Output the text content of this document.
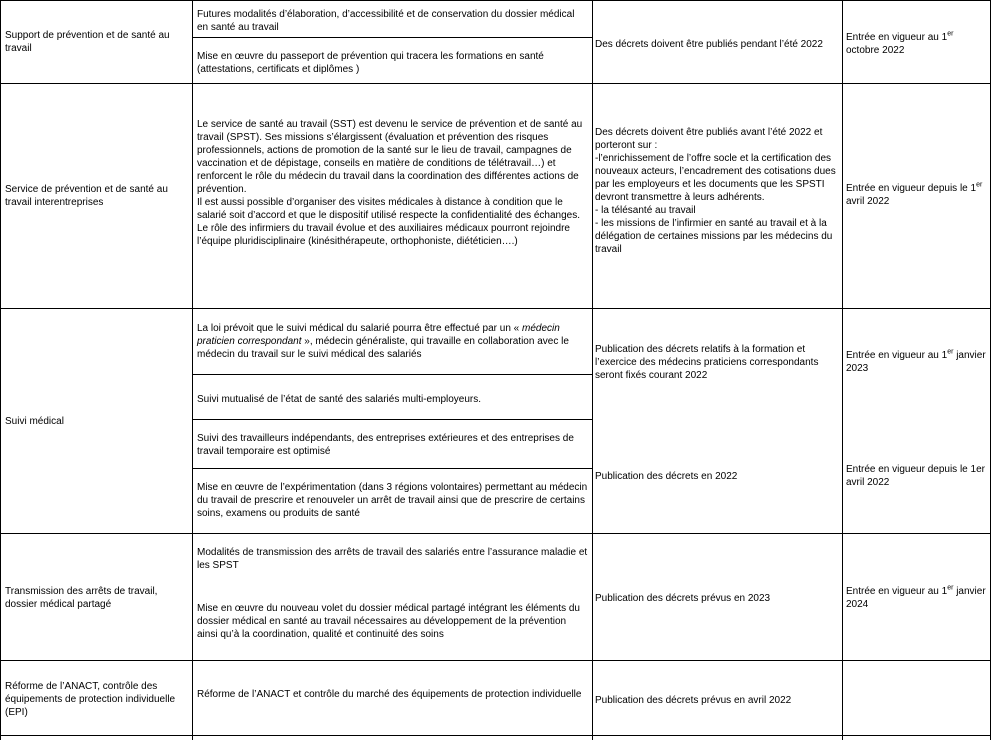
Support de prévention et de santé au travail
Futures modalités d’élaboration, d’accessibilité et de conservation du dossier médical en santé au travail
Mise en œuvre du passeport de prévention qui tracera les formations en santé (attestations, certificats et diplômes )
Des décrets doivent être publiés pendant l’été 2022
Entrée en vigueur au 1er octobre 2022
Service de prévention et de santé au travail interentreprises
Le service de santé au travail (SST) est devenu le service de prévention et de santé au travail (SPST). Ses missions s’élargissent (évaluation et prévention des risques professionnels, actions de promotion de la santé sur le lieu de travail, campagnes de vaccination et de dépistage, conseils en matière de conditions de télétravail…) et renforcent le rôle du médecin du travail dans la coordination des différentes actions de prévention.
Il est aussi possible d’organiser des visites médicales à distance à condition que le salarié soit d’accord et que le dispositif utilisé respecte la confidentialité des échanges.
Le rôle des infirmiers du travail évolue et des auxiliaires médicaux pourront rejoindre l’équipe pluridisciplinaire (kinésithérapeute, orthophoniste, diététicien….)
Des décrets doivent être publiés avant l’été 2022 et porteront sur :
-l’enrichissement de l’offre socle et la certification des nouveaux acteurs, l’encadrement des cotisations dues par les employeurs et les documents que les SPSTI devront transmettre à leurs adhérents.
- la télésanté au travail
- les missions de l’infirmier en santé au travail et à la délégation de certaines missions par les médecins du travail
Entrée en vigueur depuis le 1er avril 2022
Suivi médical
La loi prévoit que le suivi médical du salarié pourra être effectué par un « médecin praticien correspondant », médecin généraliste, qui travaille en collaboration avec le médecin du travail sur le suivi médical des salariés
Suivi mutualisé de l’état de santé des salariés multi-employeurs.
Suivi des travailleurs indépendants, des entreprises extérieures et des entreprises de travail temporaire est optimisé
Mise en œuvre de l’expérimentation (dans 3 régions volontaires) permettant au médecin du travail de prescrire et renouveler un arrêt de travail ainsi que de prescrire de certains soins, examens ou produits de santé
Publication des décrets relatifs à la formation et l’exercice des médecins praticiens correspondants seront fixés courant 2022
Publication des décrets en 2022
Entrée en vigueur au 1er janvier 2023
Entrée en vigueur depuis le 1er avril 2022
Transmission des arrêts de travail, dossier médical partagé
Modalités de transmission des arrêts de travail des salariés entre l’assurance maladie et les SPST
Mise en œuvre du nouveau volet du dossier médical partagé intégrant les éléments du dossier médical en santé au travail nécessaires au développement de la prévention ainsi qu’à la coordination, qualité et continuité des soins
Publication des décrets prévus en 2023
Entrée en vigueur au 1er janvier 2024
Réforme de l’ANACT, contrôle des équipements de protection individuelle (EPI)
Réforme de l’ANACT et contrôle du marché des équipements de protection individuelle
Publication des décrets prévus en avril 2022
